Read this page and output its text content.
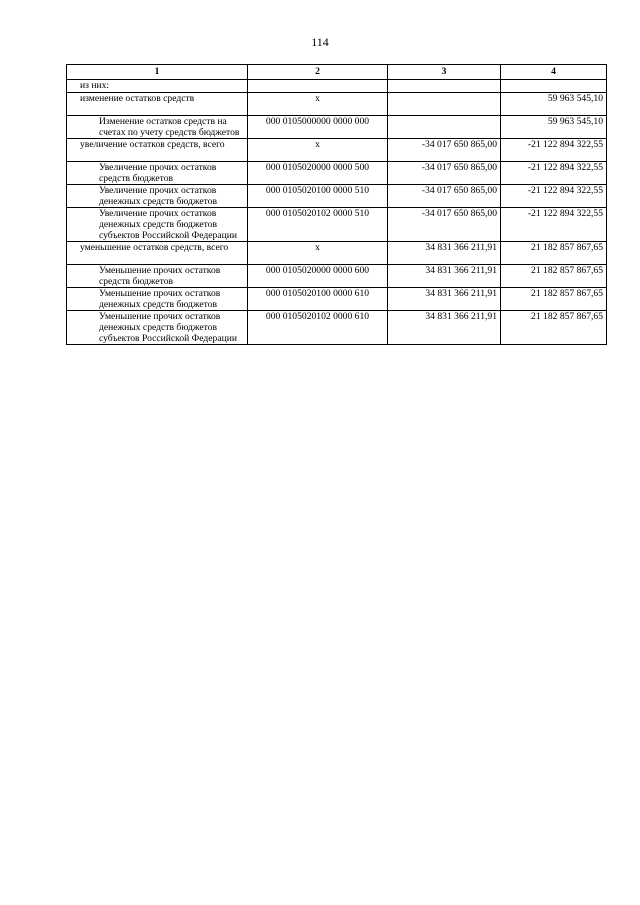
114
1	2	3	4
из них:			
изменение остатков средств	x		59 963 545,10
Изменение остатков средств на счетах по учету средств бюджетов	000 0105000000 0000 000		59 963 545,10
увеличение остатков средств, всего	x	-34 017 650 865,00	-21 122 894 322,55
Увеличение прочих остатков средств бюджетов	000 0105020000 0000 500	-34 017 650 865,00	-21 122 894 322,55
Увеличение прочих остатков денежных средств бюджетов	000 0105020100 0000 510	-34 017 650 865,00	-21 122 894 322,55
Увеличение прочих остатков денежных средств бюджетов субъектов Российской Федерации	000 0105020102 0000 510	-34 017 650 865,00	-21 122 894 322,55
уменьшение остатков средств, всего	x	34 831 366 211,91	21 182 857 867,65
Уменьшение прочих остатков средств бюджетов	000 0105020000 0000 600	34 831 366 211,91	21 182 857 867,65
Уменьшение прочих остатков денежных средств бюджетов	000 0105020100 0000 610	34 831 366 211,91	21 182 857 867,65
Уменьшение прочих остатков денежных средств бюджетов субъектов Российской Федерации	000 0105020102 0000 610	34 831 366 211,91	21 182 857 867,65
